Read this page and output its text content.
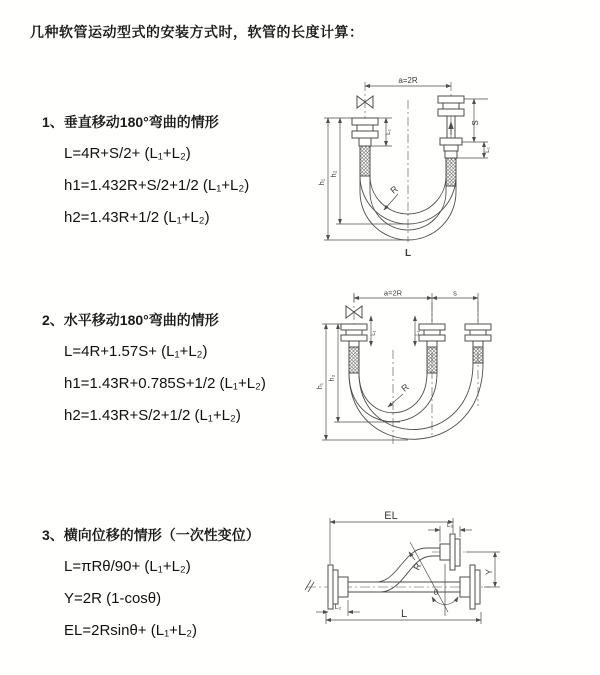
几种软管运动型式的安装方式时，软管的长度计算：
1、垂直移动180°弯曲的情形
L=4R+S/2+ (L₁+L₂)
h1=1.432R+S/2+1/2 (L₁+L₂)
h2=1.43R+1/2 (L₁+L₂)
2、水平移动180°弯曲的情形
L=4R+1.57S+ (L₁+L₂)
h1=1.43R+0.785S+1/2 (L₁+L₂)
h2=1.43R+S/2+1/2 (L₁+L₂)
3、横向位移的情形（一次性变位）
L=πRθ/90+ (L₁+L₂)
Y=2R (1-cosθ)
EL=2Rsinθ+ (L₁+L₂)
a=2R
S
L₁
h₁
h₂
L₁
R
L
a=2R	s
h₁
h₂
L₁	L₁
R
EL
L₁
Y
L
L₂
R
θ
